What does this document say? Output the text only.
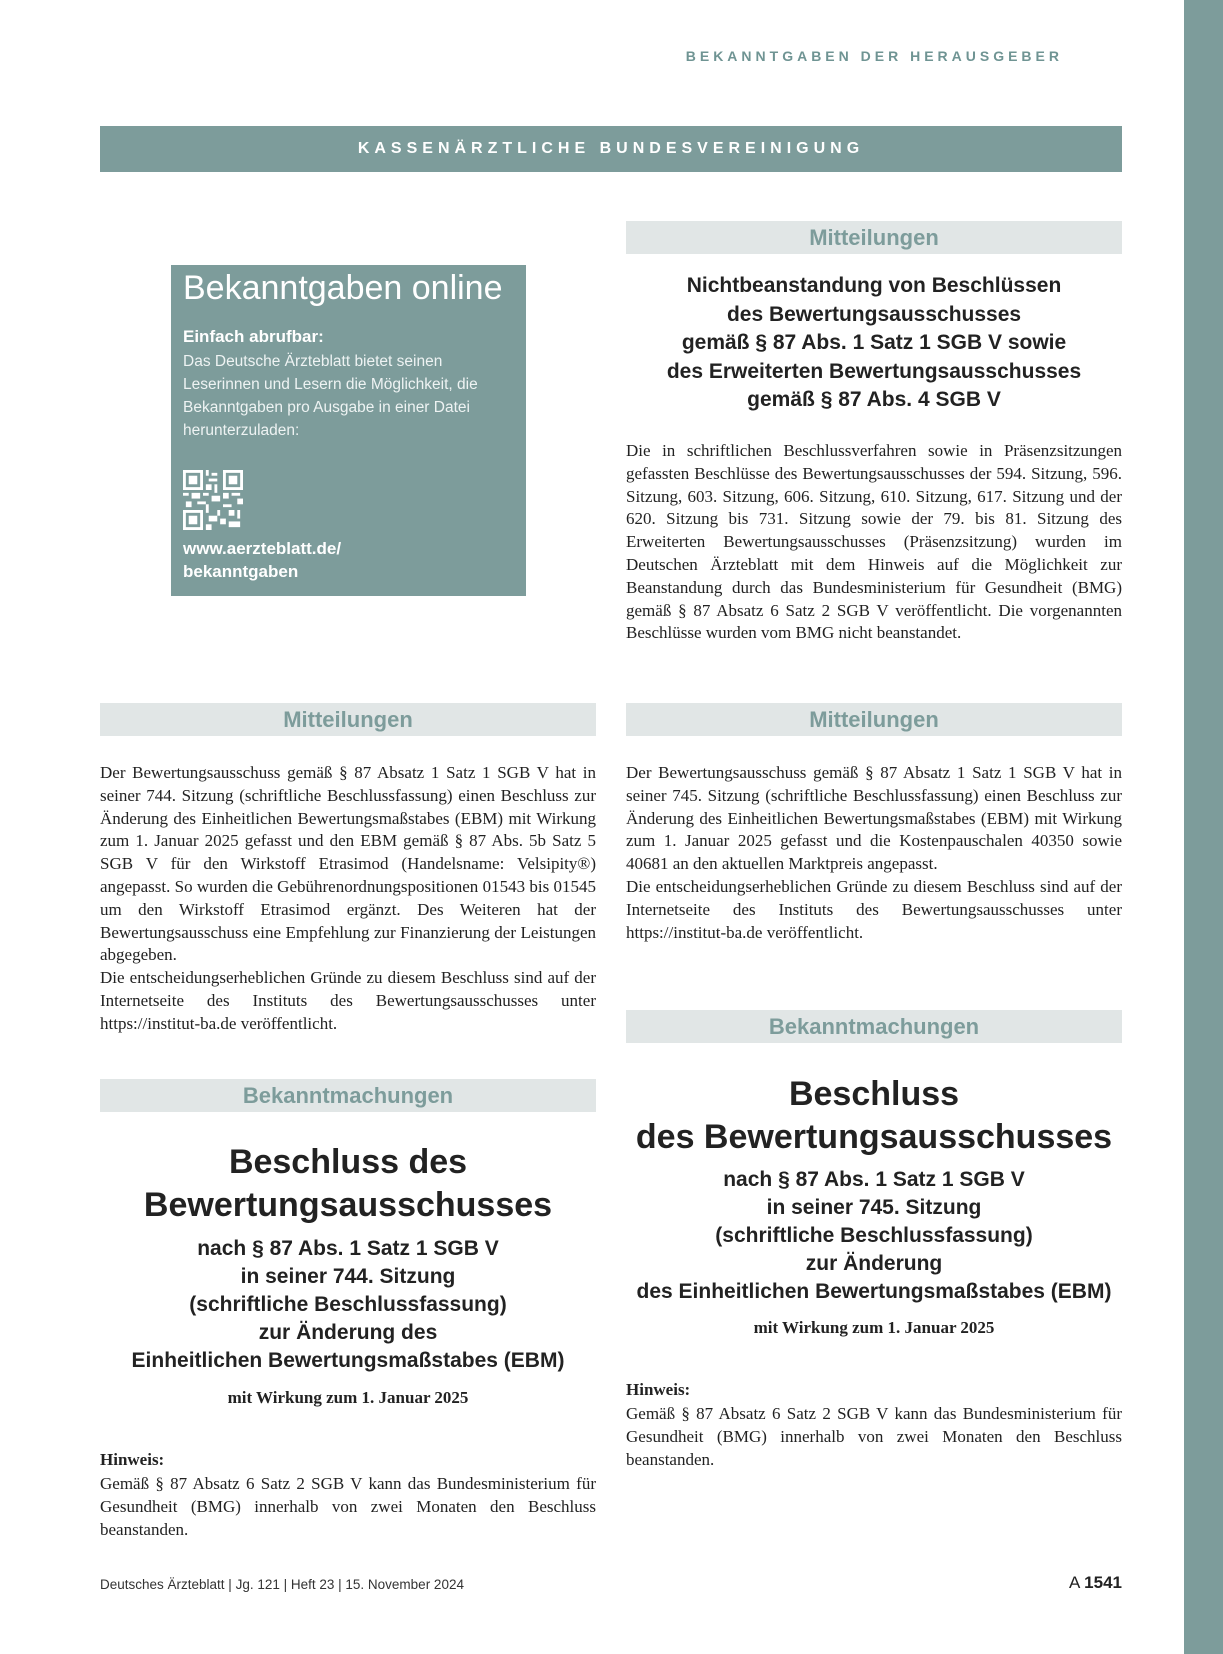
BEKANNTGABEN DER HERAUSGEBER
KASSENÄRZTLICHE BUNDESVEREINIGUNG
Bekanntgaben online
Einfach abrufbar:
Das Deutsche Ärzteblatt bietet seinen Leserinnen und Lesern die Möglichkeit, die Bekanntgaben pro Ausgabe in einer Datei herunterzuladen:
www.aerzteblatt.de/
bekanntgaben
Mitteilungen
Nichtbeanstandung von Beschlüssen
des Bewertungsausschusses
gemäß § 87 Abs. 1 Satz 1 SGB V sowie
des Erweiterten Bewertungsausschusses
gemäß § 87 Abs. 4 SGB V

Die in schriftlichen Beschlussverfahren sowie in Präsenzsitzungen gefassten Beschlüsse des Bewertungsausschusses der 594. Sitzung, 596. Sitzung, 603. Sitzung, 606. Sitzung, 610. Sitzung, 617. Sitzung und der 620. Sitzung bis 731. Sitzung sowie der 79. bis 81. Sitzung des Erweiterten Bewertungsausschusses (Präsenzsitzung) wurden im Deutschen Ärzteblatt mit dem Hinweis auf die Möglichkeit zur Beanstandung durch das Bundesministerium für Gesundheit (BMG) gemäß § 87 Absatz 6 Satz 2 SGB V veröffentlicht. Die vorgenannten Beschlüsse wurden vom BMG nicht beanstandet.

Mitteilungen

Der Bewertungsausschuss gemäß § 87 Absatz 1 Satz 1 SGB V hat in seiner 744. Sitzung (schriftliche Beschlussfassung) einen Beschluss zur Änderung des Einheitlichen Bewertungsmaßstabes (EBM) mit Wirkung zum 1. Januar 2025 gefasst und den EBM gemäß § 87 Abs. 5b Satz 5 SGB V für den Wirkstoff Etrasimod (Handelsname: Velsipity®) angepasst. So wurden die Gebührenordnungspositionen 01543 bis 01545 um den Wirkstoff Etrasimod ergänzt. Des Weiteren hat der Bewertungsausschuss eine Empfehlung zur Finanzierung der Leistungen abgegeben.

Die entscheidungserheblichen Gründe zu diesem Beschluss sind auf der Internetseite des Instituts des Bewertungsausschusses unter https://institut-ba.de veröffentlicht.

Mitteilungen

Der Bewertungsausschuss gemäß § 87 Absatz 1 Satz 1 SGB V hat in seiner 745. Sitzung (schriftliche Beschlussfassung) einen Beschluss zur Änderung des Einheitlichen Bewertungsmaßstabes (EBM) mit Wirkung zum 1. Januar 2025 gefasst und die Kostenpauschalen 40350 sowie 40681 an den aktuellen Marktpreis angepasst.

Die entscheidungserheblichen Gründe zu diesem Beschluss sind auf der Internetseite des Instituts des Bewertungsausschusses unter https://institut-ba.de veröffentlicht.

Bekanntmachungen
Beschluss
des Bewertungsausschusses
nach § 87 Abs. 1 Satz 1 SGB V
in seiner 745. Sitzung
(schriftliche Beschlussfassung)
zur Änderung
des Einheitlichen Bewertungsmaßstabes (EBM)
mit Wirkung zum 1. Januar 2025
Hinweis:
Gemäß § 87 Absatz 6 Satz 2 SGB V kann das Bundesministerium für Gesundheit (BMG) innerhalb von zwei Monaten den Beschluss beanstanden.
Bekanntmachungen
Beschluss des
Bewertungsausschusses
nach § 87 Abs. 1 Satz 1 SGB V
in seiner 744. Sitzung
(schriftliche Beschlussfassung)
zur Änderung des
Einheitlichen Bewertungsmaßstabes (EBM)
mit Wirkung zum 1. Januar 2025
Hinweis:
Gemäß § 87 Absatz 6 Satz 2 SGB V kann das Bundesministerium für Gesundheit (BMG) innerhalb von zwei Monaten den Beschluss beanstanden.
Deutsches Ärzteblatt | Jg. 121 | Heft 23 | 15. November 2024	A 1541
